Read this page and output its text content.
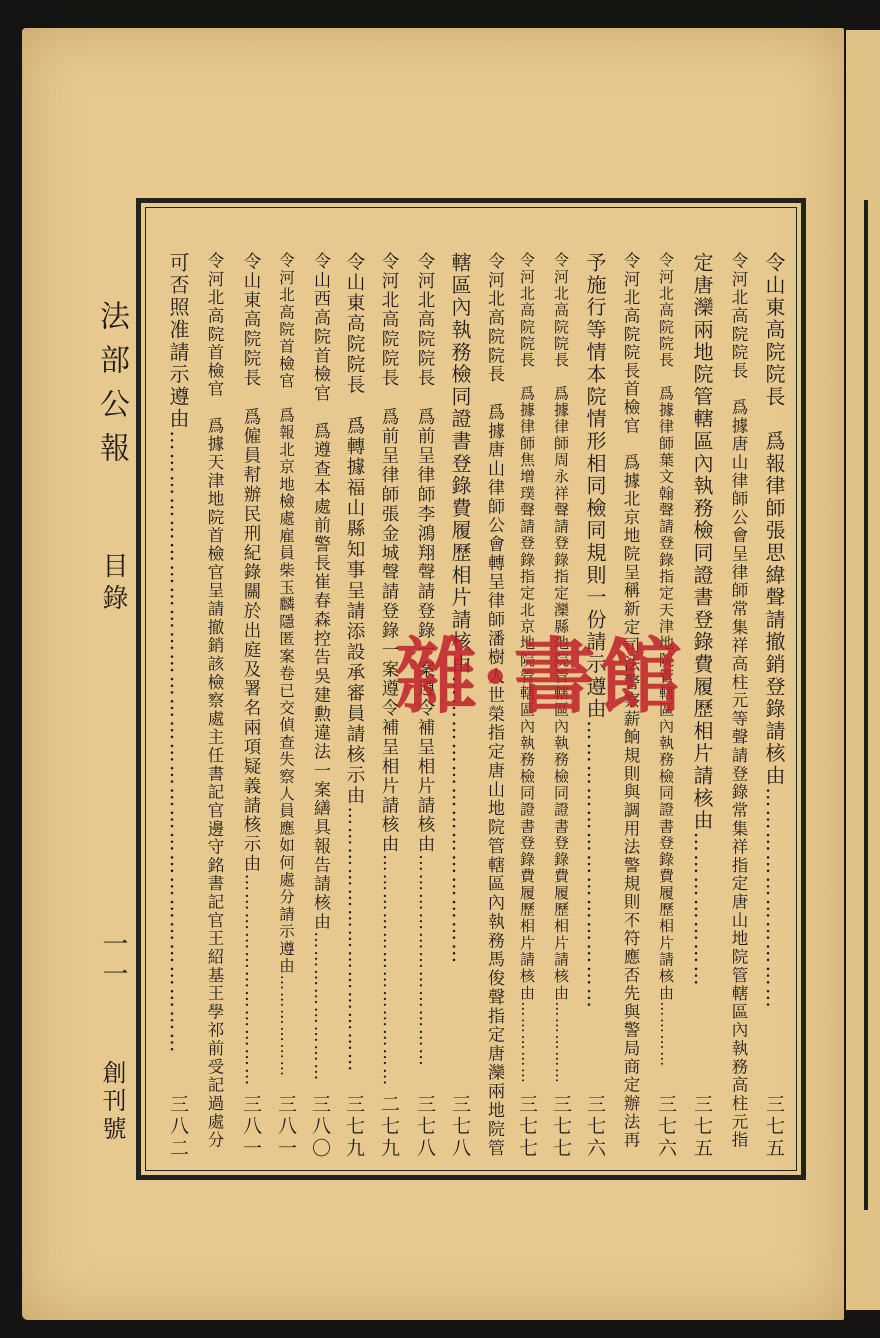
法部公報
目錄
一一
創刊號
令山東高院院長　爲報律師張思緯聲請撤銷登錄請核由…………………………
三七五
令河北高院院長　爲據唐山律師公會呈律師常集祥高柱元等聲請登錄常集祥指定唐山地院管轄區內執務高柱元指
定唐灤兩地院管轄區內執務檢同證書登錄費履歷相片請核由…………………
三七五
令河北高院院長　爲據律師葉文翰聲請登錄指定天津地院管轄區內執務檢同證書登錄費履歷相片請核由…………
三七六
令河北高院院長首檢官　爲據北京地院呈稱新定司法警察薪餉規則與調用法警規則不符應否先與警局商定辦法再
予施行等情本院情形相同檢同規則一份請示遵由…………………………………
三七六
令河北高院院長　爲據律師周永祥聲請登錄指定灤縣地院管轄區內執務檢同證書登錄費履歷相片請核由……………
三七七
令河北高院院長　爲據律師焦增璞聲請登錄指定北京地院管轄區內執務檢同證書登錄費履歷相片請核由……………
三七七
令河北高院院長　爲據唐山律師公會轉呈律師潘樹人世榮指定唐山地院管轄區內執務馬俊聲指定唐灤兩地院管
轄區內執務檢同證書登錄費履歷相片請核由…………………………………
三七八
令河北高院院長　爲前呈律師李鴻翔聲請登錄一案遵令補呈相片請核由……………………………
三七八
令河北高院院長　爲前呈律師張金城聲請登錄一案遵令補呈相片請核由………………………………
二七九
令山東高院院長　爲轉據福山縣知事呈請添設承審員請核示由…………………………………
三七九
令山西高院首檢官　爲遵查本處前警長崔春森控告吳建勲違法一案繕具報告請核由……………………
三八〇
令河北高院首檢官　爲報北京地檢處雇員柴玉麟隱匿案卷已交偵查失察人員應如何處分請示遵由………………
三八一
令山東高院院長　爲僱員幇辦民刑紀錄關於出庭及署名兩項疑義請核示由……………………………
三八一
令河北高院首檢官　爲據天津地院首檢官呈請撤銷該檢察處主任書記官邊守銘書記官王紹基王學祁前受記過處分
可否照准請示遵由…………………………………………………………………………
三八二
雜·書館
